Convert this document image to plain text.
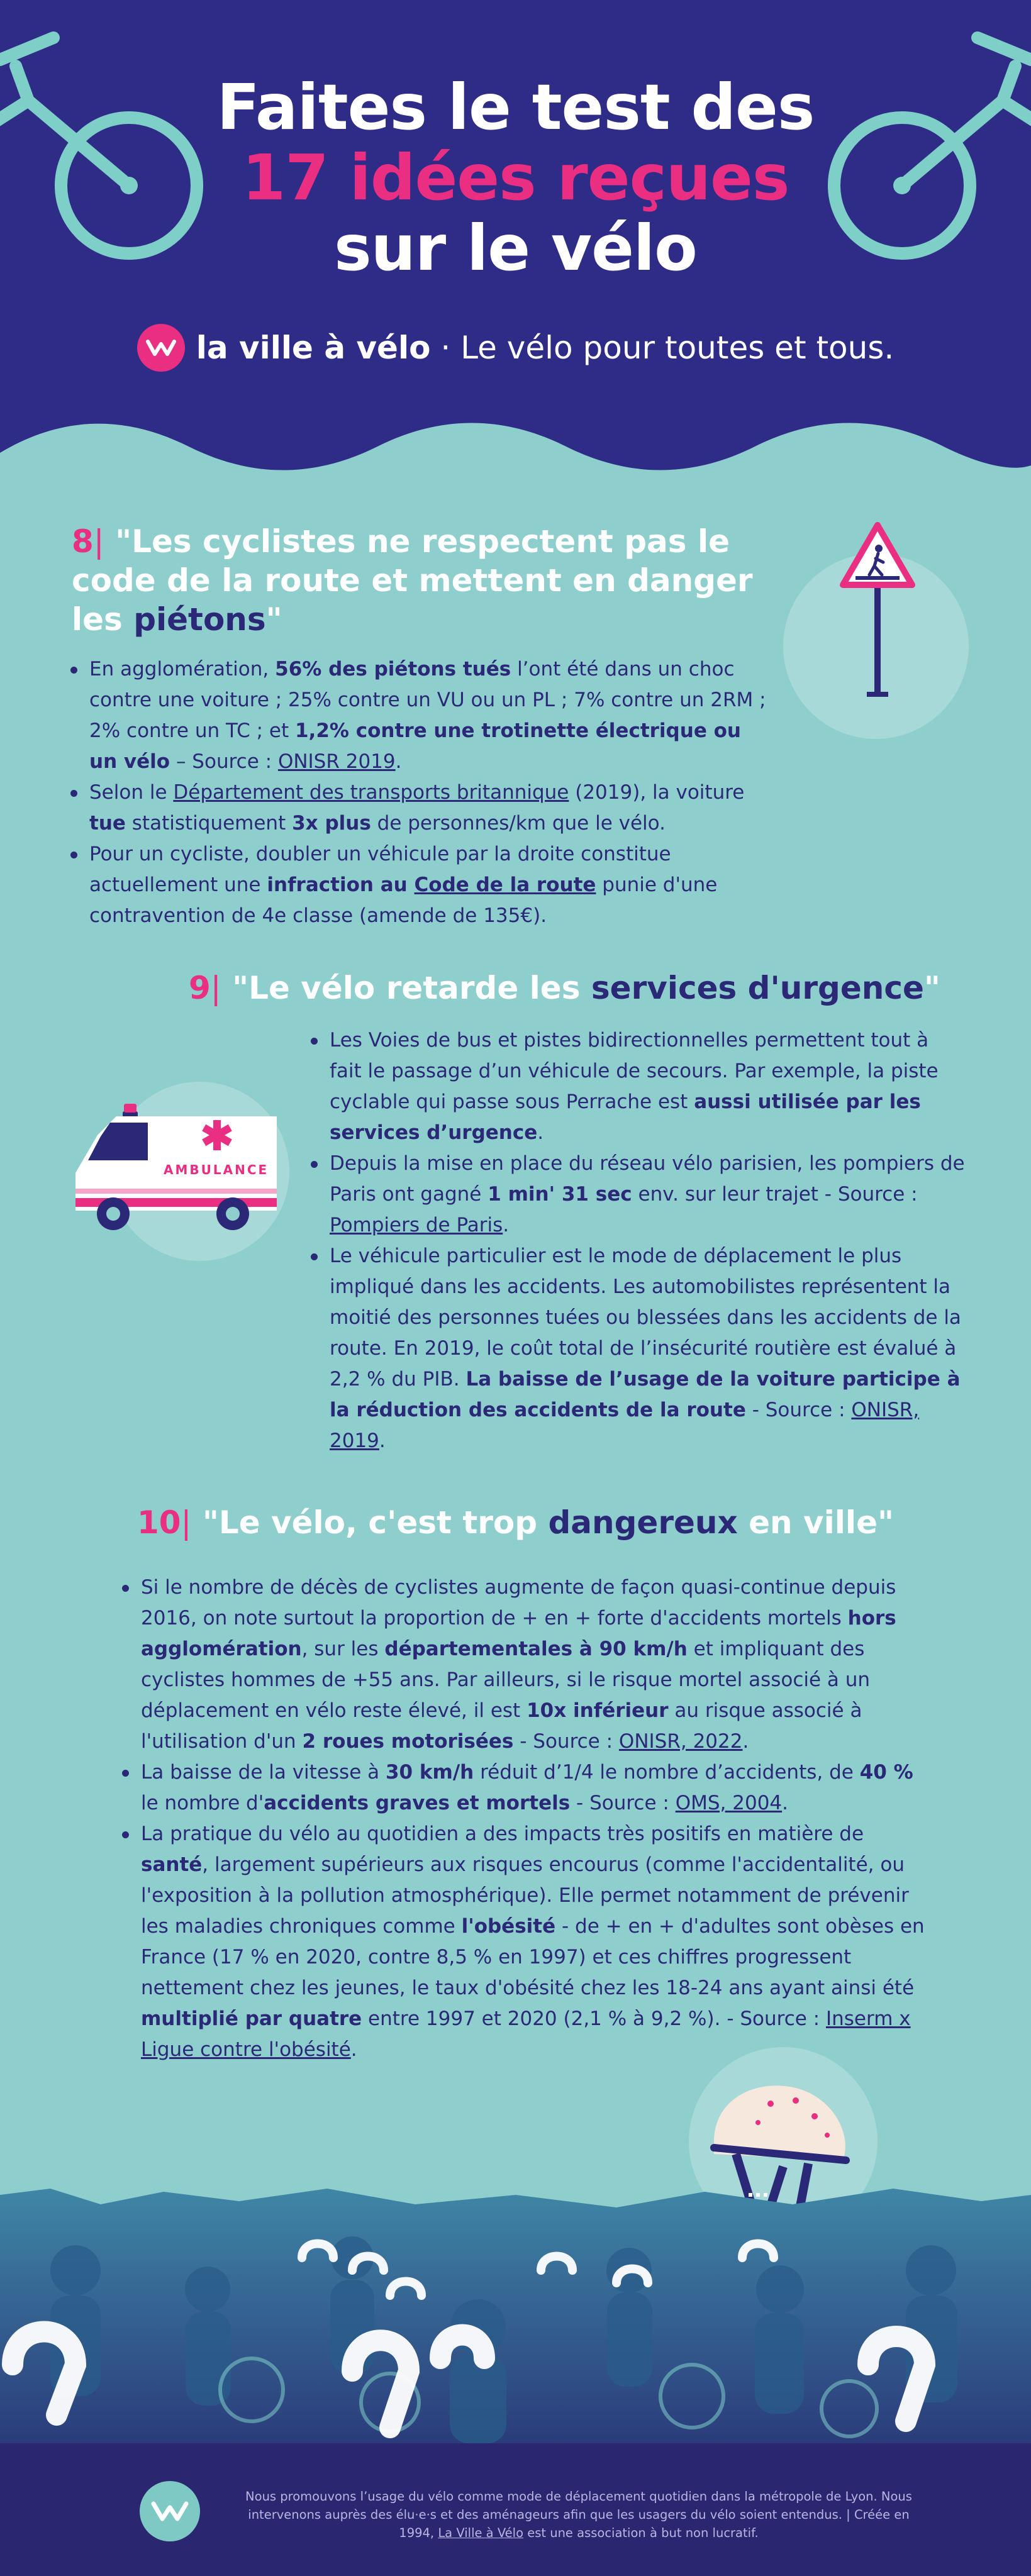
Faites le test des
17 idées reçues
sur le vélo
la ville à vélo · Le vélo pour toutes et tous.
8| "Les cyclistes ne respectent pas le code de la route et mettent en danger les piétons"
En agglomération, 56% des piétons tués l’ont été dans un choc contre une voiture ; 25% contre un VU ou un PL ; 7% contre un 2RM ; 2% contre un TC ; et 1,2% contre une trotinette électrique ou un vélo – Source : ONISR 2019.
Selon le Département des transports britannique (2019), la voiture tue statistiquement 3x plus de personnes/km que le vélo.
Pour un cycliste, doubler un véhicule par la droite constitue actuellement une infraction au Code de la route punie d'une contravention de 4e classe (amende de 135€).
9| "Le vélo retarde les services d'urgence"
Les Voies de bus et pistes bidirectionnelles permettent tout à fait le passage d’un véhicule de secours. Par exemple, la piste cyclable qui passe sous Perrache est aussi utilisée par les services d’urgence.
Depuis la mise en place du réseau vélo parisien, les pompiers de Paris ont gagné 1 min' 31 sec env. sur leur trajet - Source : Pompiers de Paris.
Le véhicule particulier est le mode de déplacement le plus impliqué dans les accidents. Les automobilistes représentent la moitié des personnes tuées ou blessées dans les accidents de la route. En 2019, le coût total de l’insécurité routière est évalué à 2,2 % du PIB. La baisse de l’usage de la voiture participe à la réduction des accidents de la route - Source : ONISR, 2019.
AMBULANCE
10| "Le vélo, c'est trop dangereux en ville"
Si le nombre de décès de cyclistes augmente de façon quasi-continue depuis 2016, on note surtout la proportion de + en + forte d'accidents mortels hors agglomération, sur les départementales à 90 km/h et impliquant des cyclistes hommes de +55 ans. Par ailleurs, si le risque mortel associé à un déplacement en vélo reste élevé, il est 10x inférieur au risque associé à l'utilisation d'un 2 roues motorisées - Source : ONISR, 2022.
La baisse de la vitesse à 30 km/h réduit d’1/4 le nombre d’accidents, de 40 % le nombre d'accidents graves et mortels - Source : OMS, 2004.
La pratique du vélo au quotidien a des impacts très positifs en matière de santé, largement supérieurs aux risques encourus (comme l'accidentalité, ou l'exposition à la pollution atmosphérique). Elle permet notamment de prévenir les maladies chroniques comme l'obésité - de + en + d'adultes sont obèses en France (17 % en 2020, contre 8,5 % en 1997) et ces chiffres progressent nettement chez les jeunes, le taux d'obésité chez les 18-24 ans ayant ainsi été multiplié par quatre entre 1997 et 2020 (2,1 % à 9,2 %). - Source : Inserm x Ligue contre l'obésité.

Nous promouvons l’usage du vélo comme mode de déplacement quotidien dans la métropole de Lyon. Nous intervenons auprès des élu·e·s et des aménageurs afin que les usagers du vélo soient entendus. | Créée en 1994, La Ville à Vélo est une association à but non lucratif.
